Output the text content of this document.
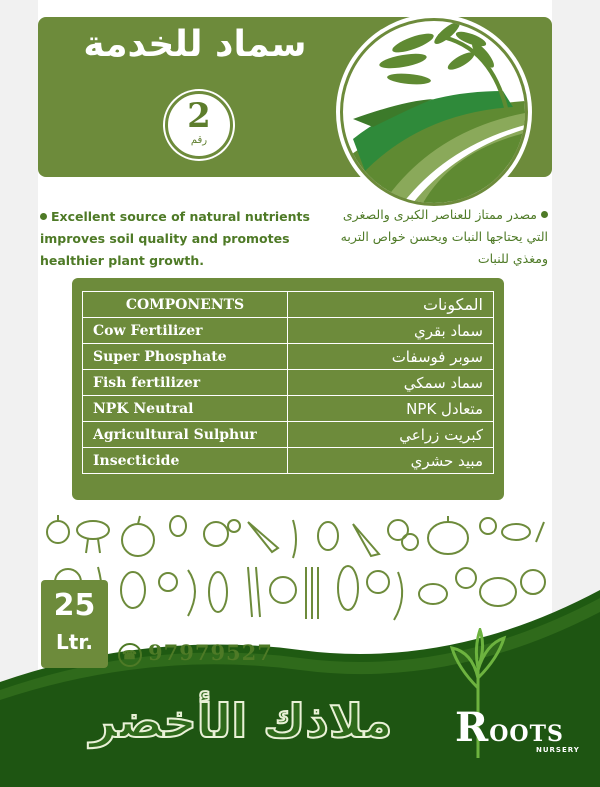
سماد للخدمة
2
رقم
Excellent source of natural nutrients improves soil quality and promotes healthier plant growth.
مصدر ممتاز للعناصر الكبرى والصغرى التي يحتاجها النبات ويحسن خواص التربه ومغذي للنبات
COMPONENTS	المكونات
Cow Fertilizer	سماد بقري
Super Phosphate	سوبر فوسفات
Fish fertilizer	سماد سمكي
NPK Neutral	متعادل NPK
Agricultural Sulphur	كبريت زراعي
Insecticide	مبيد حشري
25
Ltr.
☎ 97979527
ملاذك الأخضر	ROOTS
NURSERY
